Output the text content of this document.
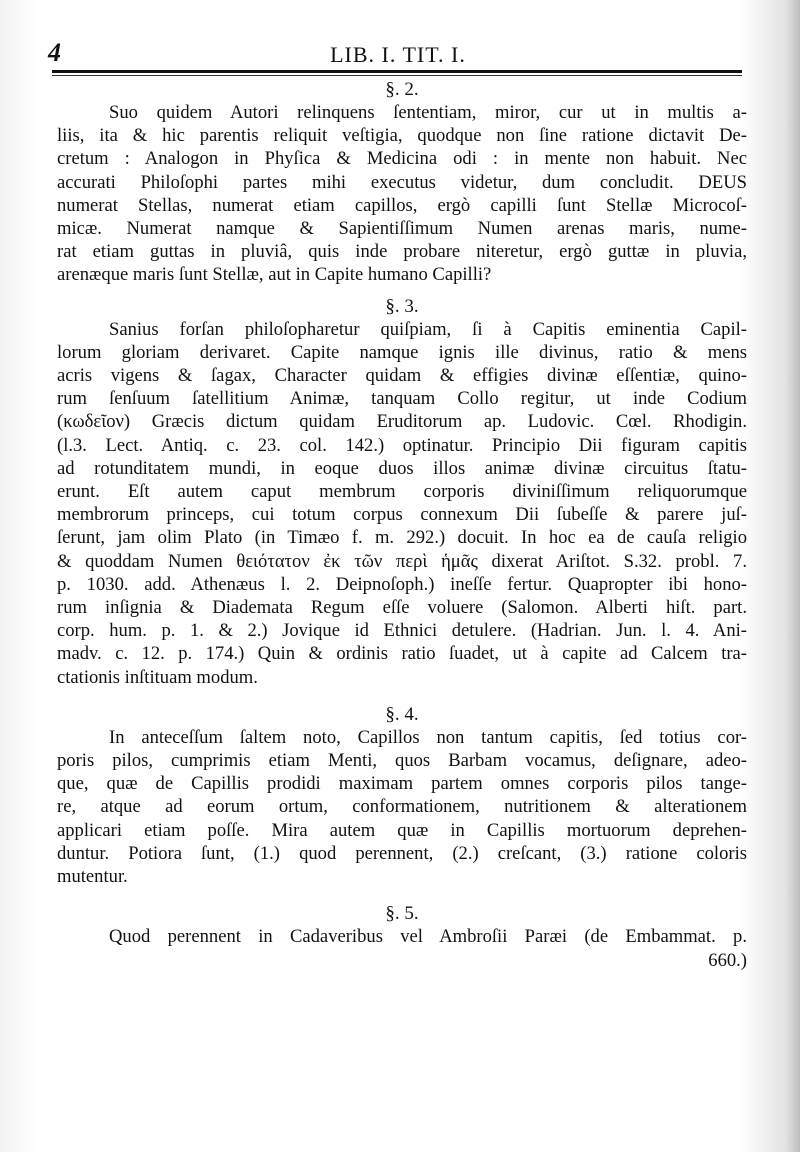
4	LIB. I. TIT. I.

§. 2.

Suo quidem Autori relinquens ſententiam, miror, cur ut in multis a-
liis, ita & hic parentis reliquit veſtigia, quodque non ſine ratione dictavit De-
cretum : Analogon in Phyſica & Medicina odi : in mente non habuit. Nec
accurati Philoſophi partes mihi executus videtur, dum concludit. DEUS
numerat Stellas, numerat etiam capillos, ergò capilli ſunt Stellæ Microcoſ-
micæ. Numerat namque & Sapientiſſimum Numen arenas maris, nume-
rat etiam guttas in pluviâ, quis inde probare niteretur, ergò guttæ in pluvia,
arenæque maris ſunt Stellæ, aut in Capite humano Capilli?

§. 3.

Sanius forſan philoſopharetur quiſpiam, ſi à Capitis eminentia Capil-
lorum gloriam derivaret. Capite namque ignis ille divinus, ratio & mens
acris vigens & ſagax, Character quidam & effigies divinæ eſſentiæ, quino-
rum ſenſuum ſatellitium Animæ, tanquam Collo regitur, ut inde Codium
(κωδεῖον) Græcis dictum quidam Eruditorum ap. Ludovic. Cœl. Rhodigin.
(l.3. Lect. Antiq. c. 23. col. 142.) optinatur. Principio Dii figuram capitis
ad rotunditatem mundi, in eoque duos illos animæ divinæ circuitus ſtatu-
erunt. Eſt autem caput membrum corporis diviniſſimum reliquorumque
membrorum princeps, cui totum corpus connexum Dii ſubeſſe & parere juſ-
ſerunt, jam olim Plato (in Timæo f. m. 292.) docuit. In hoc ea de cauſa religio
& quoddam Numen θειότατον ἐκ τῶν περὶ ἡμᾶς dixerat Ariſtot. S.32. probl. 7.
p. 1030. add. Athenæus l. 2. Deipnoſoph.) ineſſe fertur. Quapropter ibi hono-
rum inſignia & Diademata Regum eſſe voluere (Salomon. Alberti hiſt. part.
corp. hum. p. 1. & 2.) Jovique id Ethnici detulere. (Hadrian. Jun. l. 4. Ani-
madv. c. 12. p. 174.) Quin & ordinis ratio ſuadet, ut à capite ad Calcem tra-
ctationis inſtituam modum.

§. 4.

In anteceſſum ſaltem noto, Capillos non tantum capitis, ſed totius cor-
poris pilos, cumprimis etiam Menti, quos Barbam vocamus, deſignare, adeo-
que, quæ de Capillis prodidi maximam partem omnes corporis pilos tange-
re, atque ad eorum ortum, conformationem, nutritionem & alterationem
applicari etiam poſſe. Mira autem quæ in Capillis mortuorum deprehen-
duntur. Potiora ſunt, (1.) quod perennent, (2.) creſcant, (3.) ratione coloris
mutentur.

§. 5.

Quod perennent in Cadaveribus vel Ambroſii Paræi (de Embammat. p.
660.)
